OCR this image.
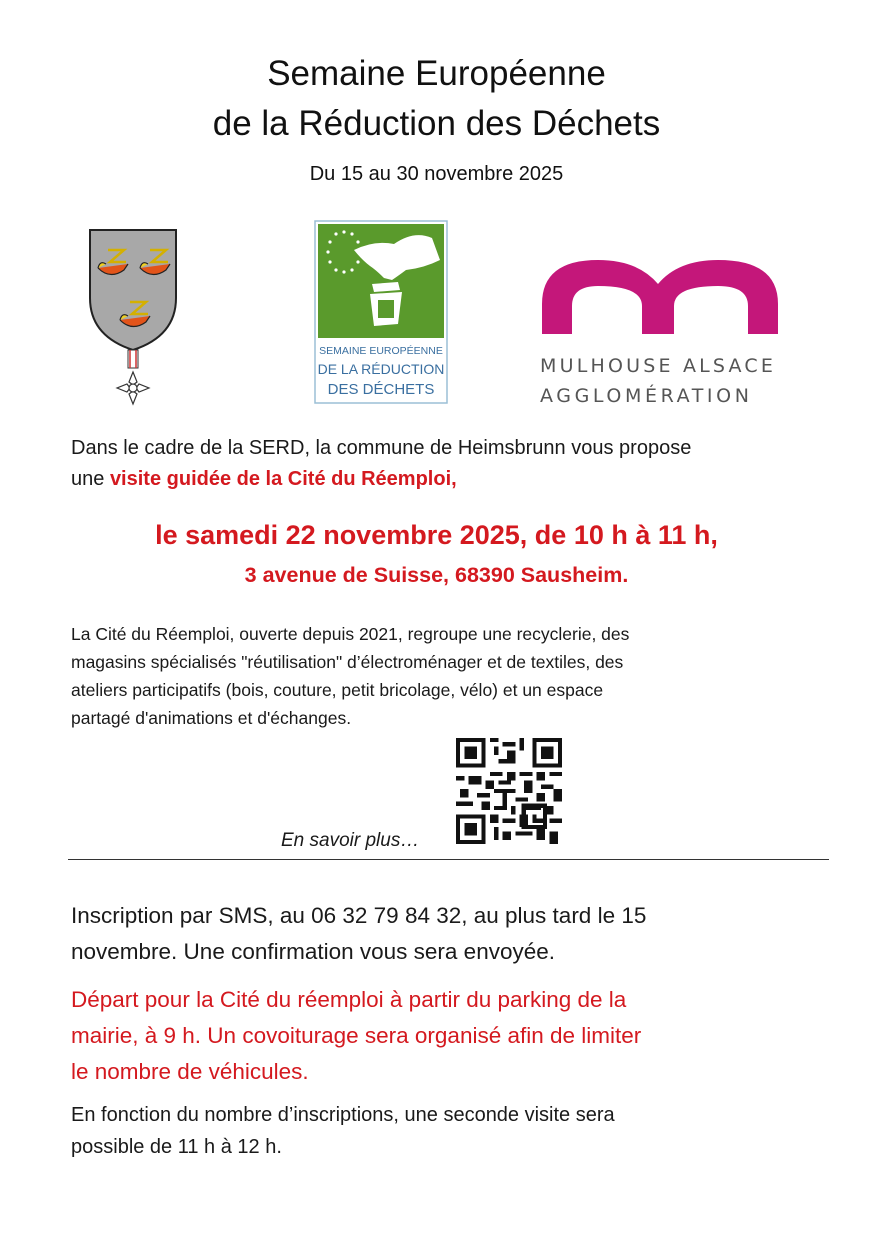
Semaine Européenne
de la Réduction des Déchets
Du 15 au 30 novembre 2025
SEMAINE EUROPÉENNE
DE LA RÉDUCTION
DES DÉCHETS
MULHOUSE ALSACE
AGGLOMÉRATION
Dans le cadre de la SERD, la commune de Heimsbrunn vous propose
une visite guidée de la Cité du Réemploi,
le samedi 22 novembre 2025, de 10 h à 11 h,
3 avenue de Suisse, 68390 Sausheim.
La Cité du Réemploi, ouverte depuis 2021, regroupe une recyclerie, des
magasins spécialisés "réutilisation" d’électroménager et de textiles, des
ateliers participatifs (bois, couture, petit bricolage, vélo) et un espace
partagé d'animations et d'échanges.
En savoir plus…
Inscription par SMS, au 06 32 79 84 32, au plus tard le 15
novembre. Une confirmation vous sera envoyée.
Départ pour la Cité du réemploi à partir du parking de la
mairie, à 9 h. Un covoiturage sera organisé afin de limiter
le nombre de véhicules.
En fonction du nombre d’inscriptions, une seconde visite sera
possible de 11 h à 12 h.
